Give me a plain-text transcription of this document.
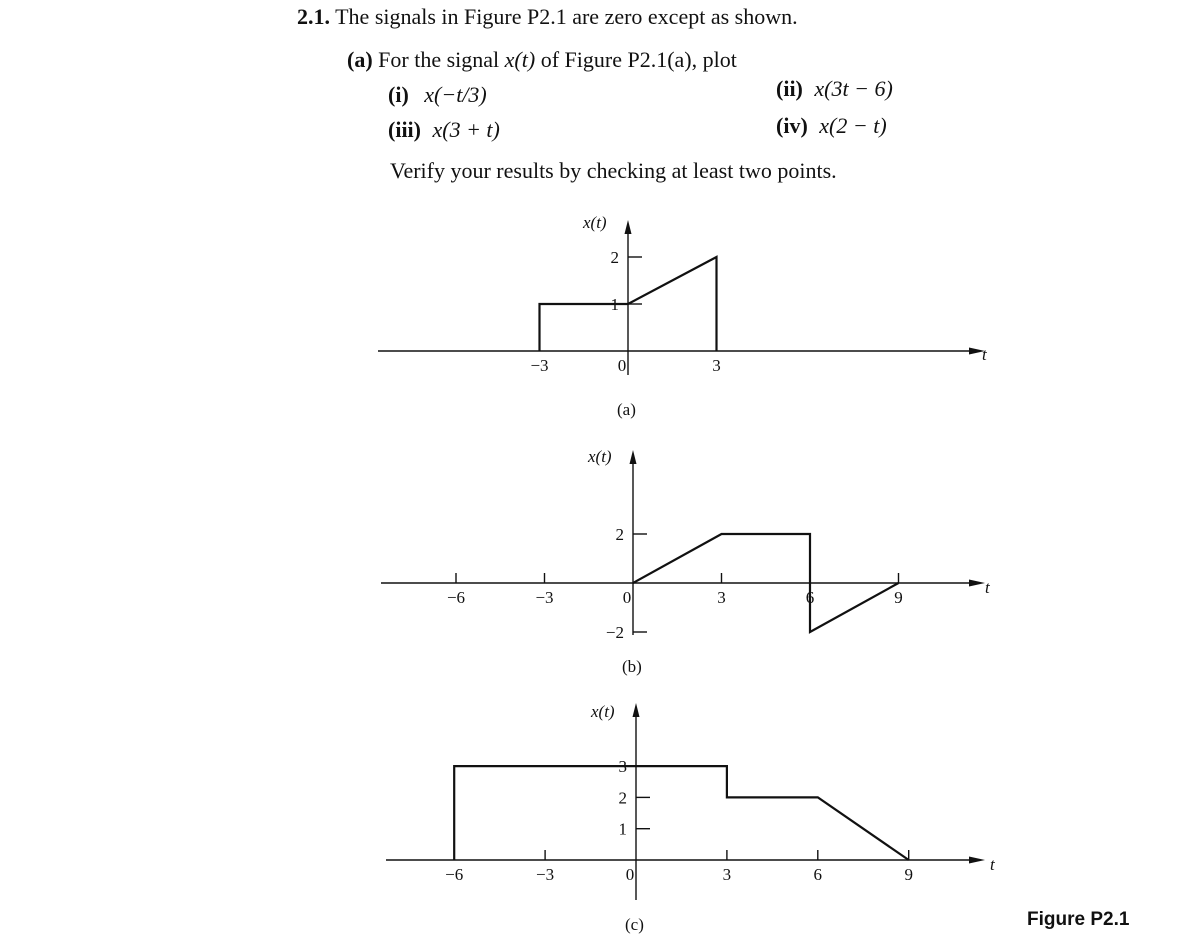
2.1. The signals in Figure P2.1 are zero except as shown.
(a) For the signal x(t) of Figure P2.1(a), plot
(i) x(−t/3)	(ii) x(3t − 6)
(iii) x(3 + t)	(iv) x(2 − t)
Verify your results by checking at least two points.
−3	0	3
2
1
x(t)
t
(a)
−6	−3	0	3	6	9
2
−2
x(t)
t
(b)
−6	−3	0	3	6	9
3
2
1
x(t)
t
(c)	Figure P2.1
